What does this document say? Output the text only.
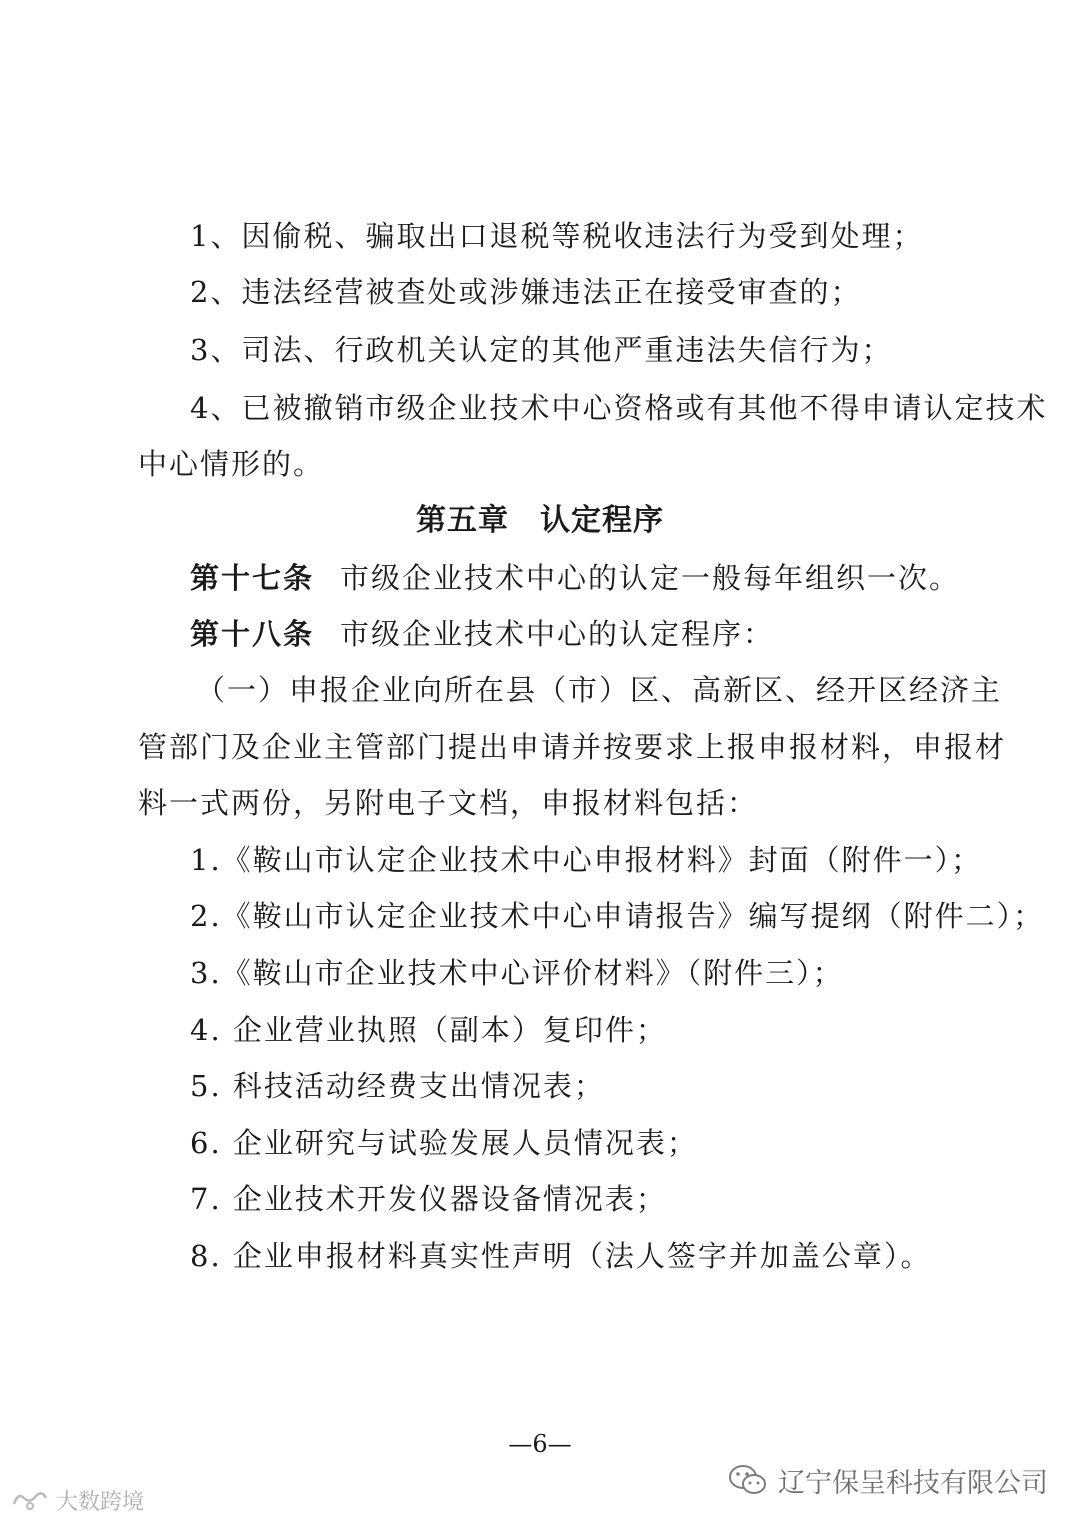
1、因偷税、骗取出口退税等税收违法行为受到处理；
2、违法经营被查处或涉嫌违法正在接受审查的；
3、司法、行政机关认定的其他严重违法失信行为；
4、已被撤销市级企业技术中心资格或有其他不得申请认定技术
中心情形的。
第五章　认定程序
第十七条 市级企业技术中心的认定一般每年组织一次。
第十八条 市级企业技术中心的认定程序：
（一）申报企业向所在县（市）区、高新区、经开区经济主
管部门及企业主管部门提出申请并按要求上报申报材料，申报材
料一式两份，另附电子文档，申报材料包括：
1.《鞍山市认定企业技术中心申报材料》封面（附件一）；
2.《鞍山市认定企业技术中心申请报告》编写提纲（附件二）；
3.《鞍山市企业技术中心评价材料》（附件三）；
4. 企业营业执照（副本）复印件；
5. 科技活动经费支出情况表；
6. 企业研究与试验发展人员情况表；
7. 企业技术开发仪器设备情况表；
8. 企业申报材料真实性声明（法人签字并加盖公章）。
—6—
辽宁保呈科技有限公司
大数跨境
